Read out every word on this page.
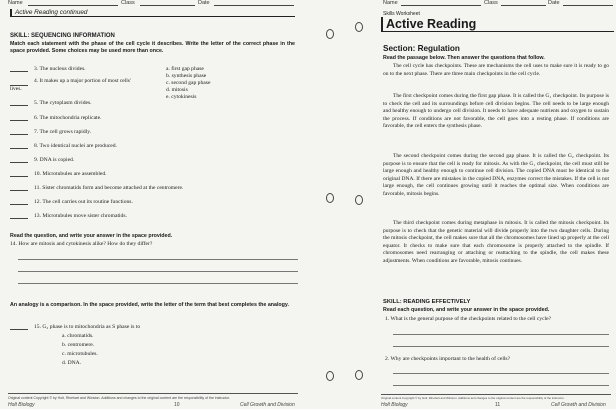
Name	Class	Date
Active Reading continued
SKILL: SEQUENCING INFORMATION
Match each statement with the phase of the cell cycle it describes. Write the letter of the correct phase in the space provided. Some choices may be used more than once.
3. The nucleus divides.
4. It makes up a major portion of most cells' lives.
5. The cytoplasm divides.
6. The mitochondria replicate.
7. The cell grows rapidly.
8. Two identical nuclei are produced.
9. DNA is copied.
10. Microtubules are assembled.
11. Sister chromatids form and become attached at the centromere.
12. The cell carries out its routine functions.
13. Microtubules move sister chromatids.
a. first gap phase
b. synthesis phase
c. second gap phase
d. mitosis
e. cytokinesis
Read the question, and write your answer in the space provided.
14. How are mitosis and cytokinesis alike? How do they differ?
An analogy is a comparison. In the space provided, write the letter of the term that best completes the analogy.
15. G₂ phase is to mitochondria as S phase is to
a. chromatids.
b. centromere.
c. microtubules.
d. DNA.
Original content Copyright © by Holt, Rinehart and Winston. Additions and changes to the original content are the responsibility of the instructor.
Holt Biology	10	Cell Growth and Division
Name	Class	Date
Skills Worksheet
Active Reading
Section: Regulation
Read the passage below. Then answer the questions that follow.
The cell cycle has checkpoints. These are mechanisms the cell uses to make sure it is ready to go on to the next phase. There are three main checkpoints in the cell cycle.
The first checkpoint comes during the first gap phase. It is called the G₁ checkpoint. Its purpose is to check the cell and its surroundings before cell division begins. The cell needs to be large enough and healthy enough to undergo cell division. It needs to have adequate nutrients and oxygen to sustain the process. If conditions are not favorable, the cell goes into a resting phase. If conditions are favorable, the cell enters the synthesis phase.
The second checkpoint comes during the second gap phase. It is called the G₂ checkpoint. Its purpose is to ensure that the cell is ready for mitosis. As with the G₁ checkpoint, the cell must still be large enough and healthy enough to continue cell division. The copied DNA must be identical to the original DNA. If there are mistakes in the copied DNA, enzymes correct the mistakes. If the cell is not large enough, the cell continues growing until it reaches the optimal size. When conditions are favorable, mitosis begins.
The third checkpoint comes during metaphase in mitosis. It is called the mitosis checkpoint. Its purpose is to check that the genetic material will divide properly into the two daughter cells. During the mitosis checkpoint, the cell makes sure that all the chromosomes have lined up properly at the cell equator. It checks to make sure that each chromosome is properly attached to the spindle. If chromosomes need rearranging or attaching or reattaching to the spindle, the cell makes these adjustments. When conditions are favorable, mitosis continues.
SKILL: READING EFFECTIVELY
Read each question, and write your answer in the space provided.
1. What is the general purpose of the checkpoints related to the cell cycle?
2. Why are checkpoints important to the health of cells?
Original content Copyright © by Holt, Rinehart and Winston. Additions and changes to the original content are the responsibility of the instructor.
Holt Biology	11	Cell Growth and Division
